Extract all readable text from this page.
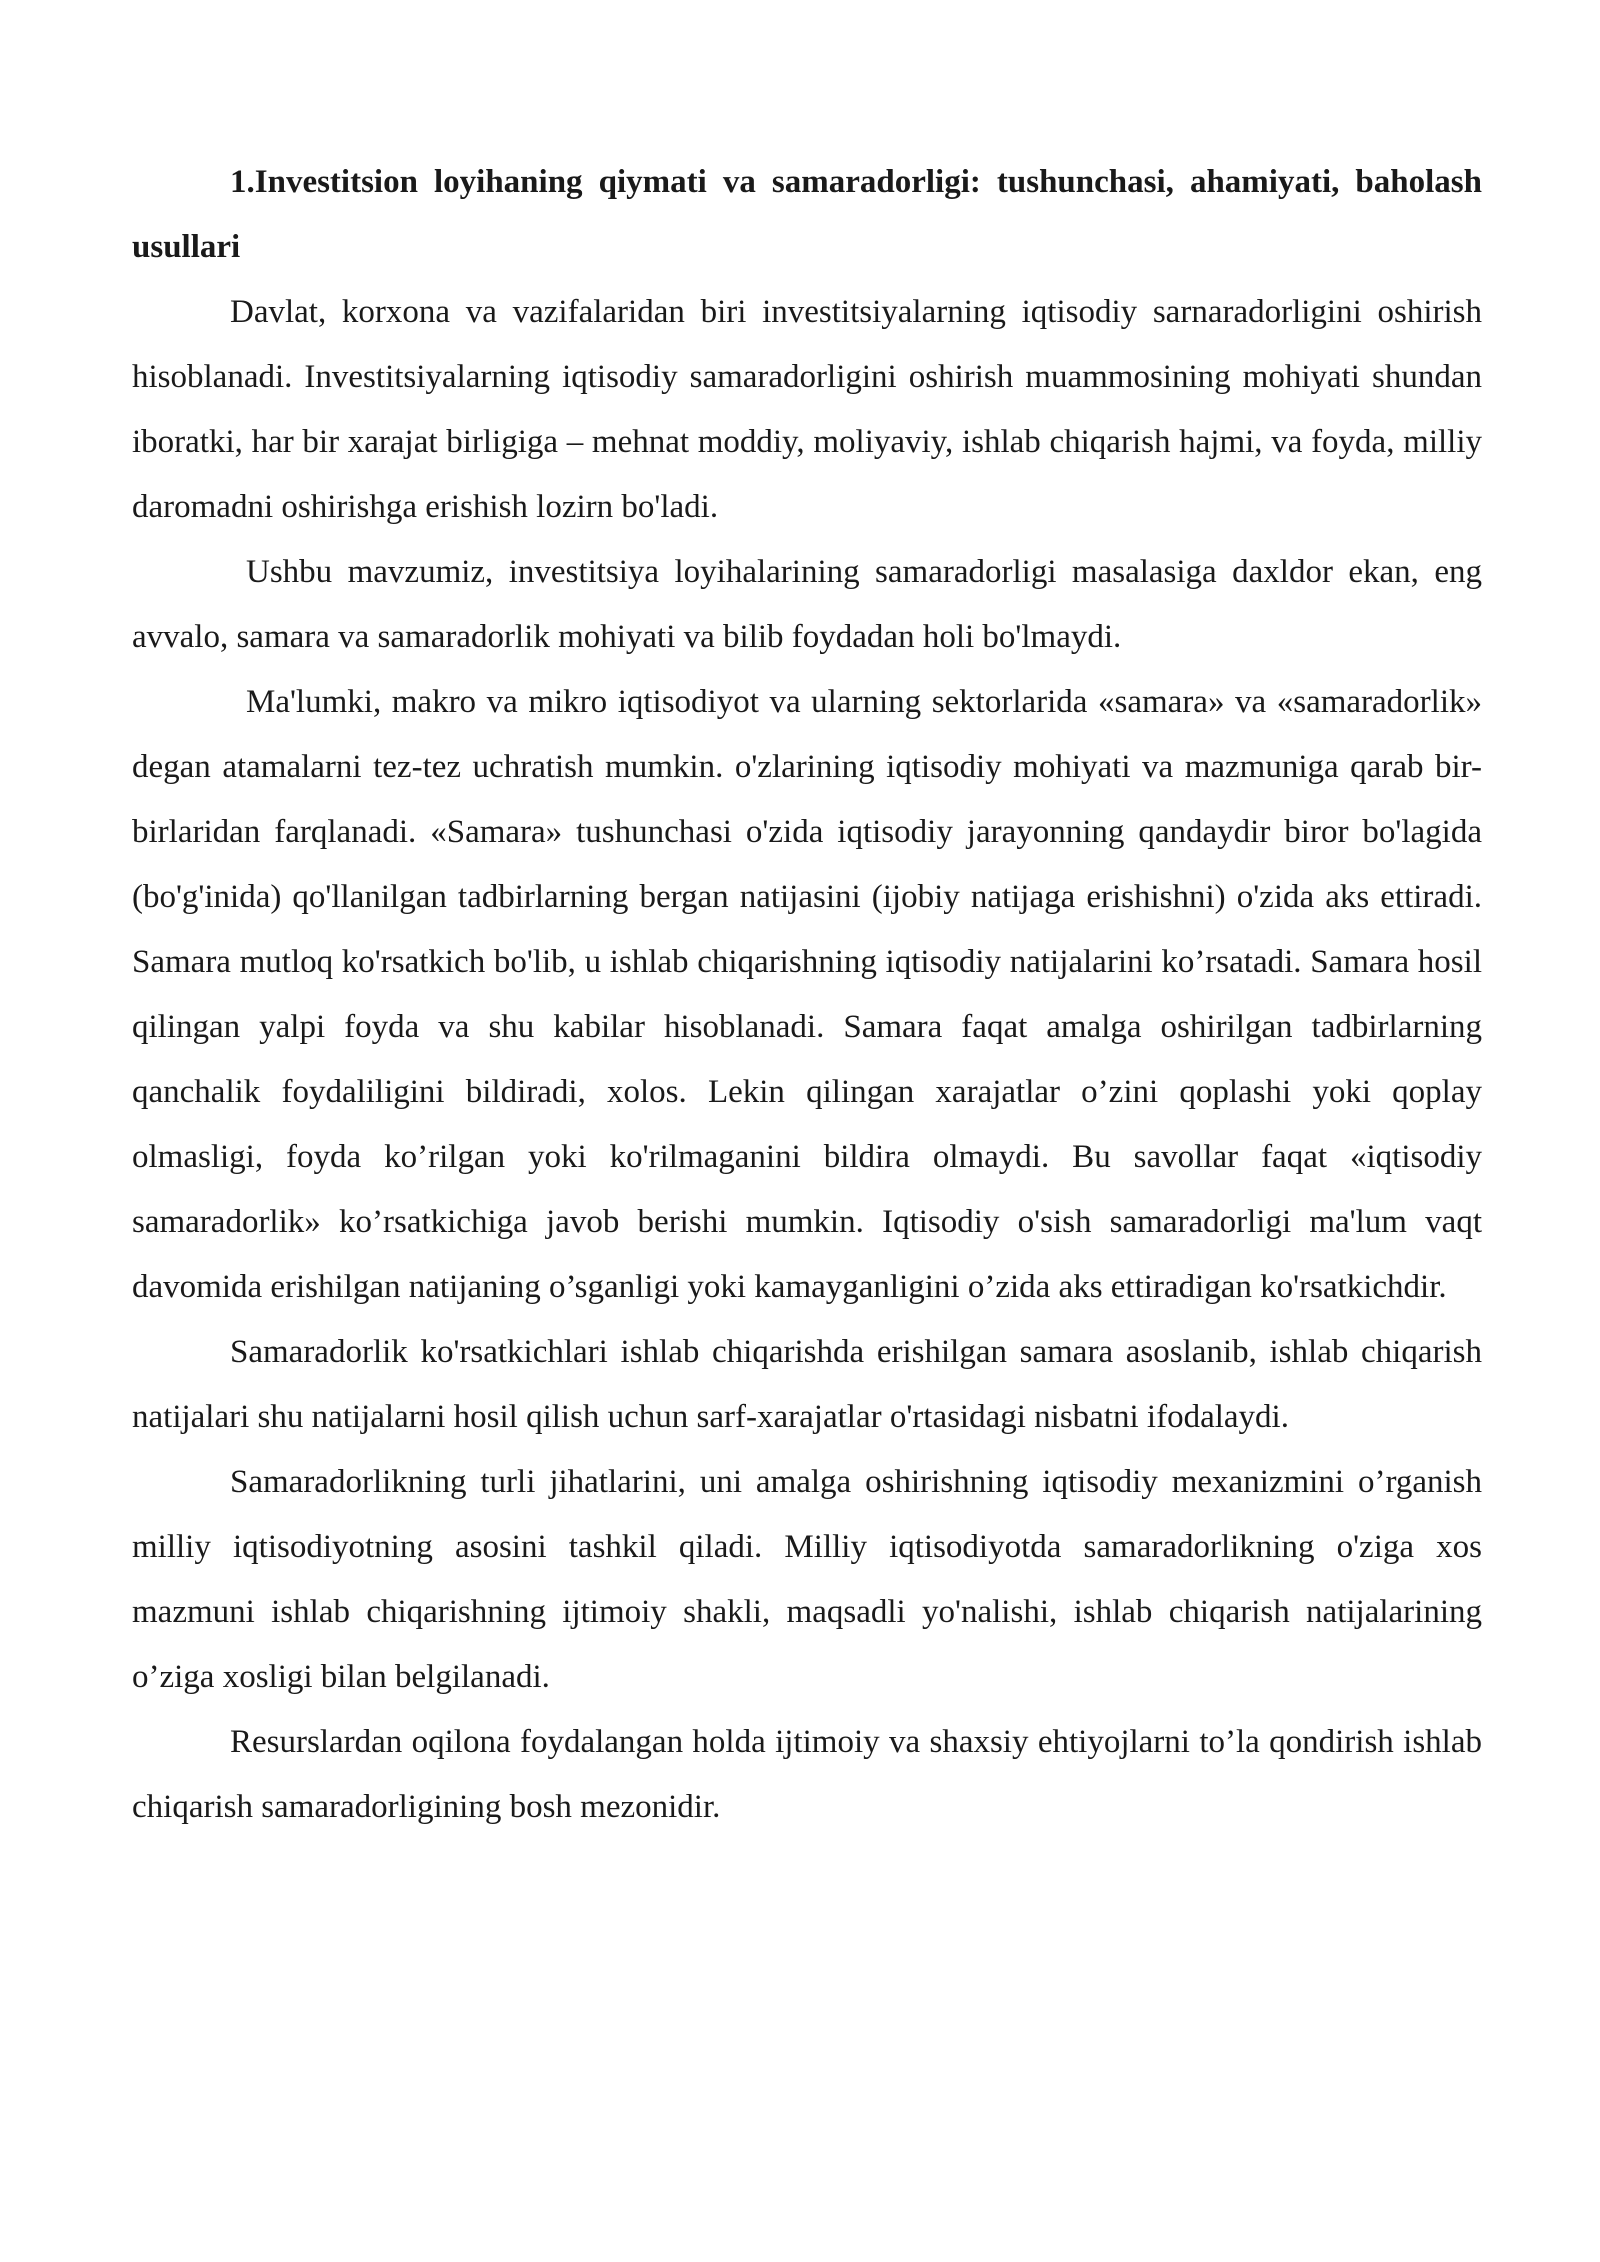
1.Investitsion loyihaning qiymati va samaradorligi: tushunchasi, ahamiyati, baholash usullari

Davlat, korxona va vazifalaridan biri investitsiyalarning iqtisodiy sarnaradorligini oshirish hisoblanadi. Investitsiyalarning iqtisodiy samaradorligini oshirish muammosining mohiyati shundan iboratki, har bir xarajat birligiga – mehnat moddiy, moliyaviy, ishlab chiqarish hajmi, va foyda, milliy daromadni oshirishga erishish lozirn bo'ladi.

Ushbu mavzumiz, investitsiya loyihalarining samaradorligi masalasiga daxldor ekan, eng avvalo, samara va samaradorlik mohiyati va bilib foydadan holi bo'lmaydi.

Ma'lumki, makro va mikro iqtisodiyot va ularning sektorlarida «samara» va «samaradorlik» degan atamalarni tez-tez uchratish mumkin. o'zlarining iqtisodiy mohiyati va mazmuniga qarab bir-birlaridan farqlanadi. «Samara» tushunchasi o'zida iqtisodiy jarayonning qandaydir biror bo'lagida (bo'g'inida) qo'llanilgan tadbirlarning bergan natijasini (ijobiy natijaga erishishni) o'zida aks ettiradi. Samara mutloq ko'rsatkich bo'lib, u ishlab chiqarishning iqtisodiy natijalarini ko’rsatadi. Samara hosil qilingan yalpi foyda va shu kabilar hisoblanadi. Samara faqat amalga oshirilgan tadbirlarning qanchalik foydaliligini bildiradi, xolos. Lekin qilingan xarajatlar o’zini qoplashi yoki qoplay olmasligi, foyda ko’rilgan yoki ko'rilmaganini bildira olmaydi. Bu savollar faqat «iqtisodiy samaradorlik» ko’rsatkichiga javob berishi mumkin. Iqtisodiy o'sish samaradorligi ma'lum vaqt davomida erishilgan natijaning o’sganligi yoki kamayganligini o’zida aks ettiradigan ko'rsatkichdir.

Samaradorlik ko'rsatkichlari ishlab chiqarishda erishilgan samara asoslanib, ishlab chiqarish natijalari shu natijalarni hosil qilish uchun sarf-xarajatlar o'rtasidagi nisbatni ifodalaydi.

Samaradorlikning turli jihatlarini, uni amalga oshirishning iqtisodiy mexanizmini o’rganish milliy iqtisodiyotning asosini tashkil qiladi. Milliy iqtisodiyotda samaradorlikning o'ziga xos mazmuni ishlab chiqarishning ijtimoiy shakli, maqsadli yo'nalishi, ishlab chiqarish natijalarining o’ziga xosligi bilan belgilanadi.

Resurslardan oqilona foydalangan holda ijtimoiy va shaxsiy ehtiyojlarni to’la qondirish ishlab chiqarish samaradorligining bosh mezonidir.
